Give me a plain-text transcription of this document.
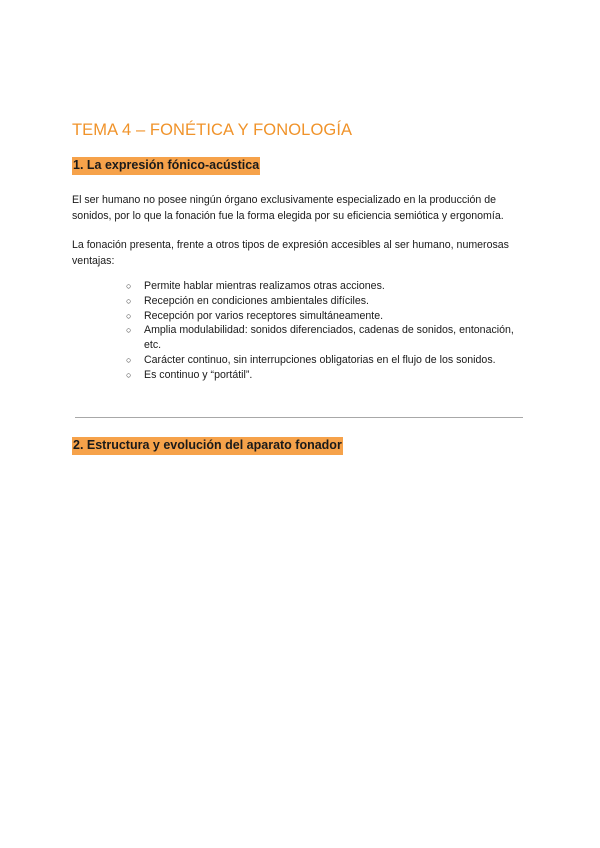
TEMA 4 – FONÉTICA Y FONOLOGÍA
1. La expresión fónico-acústica

El ser humano no posee ningún órgano exclusivamente especializado en la producción de sonidos, por lo que la fonación fue la forma elegida por su eficiencia semiótica y ergonomía.

La fonación presenta, frente a otros tipos de expresión accesibles al ser humano, numerosas ventajas:

○ Permite hablar mientras realizamos otras acciones.
○ Recepción en condiciones ambientales difíciles.
○ Recepción por varios receptores simultáneamente.
○ Amplia modulabilidad: sonidos diferenciados, cadenas de sonidos, entonación, etc.
○ Carácter continuo, sin interrupciones obligatorias en el flujo de los sonidos.
○ Es continuo y “portátil”.
2. Estructura y evolución del aparato fonador
